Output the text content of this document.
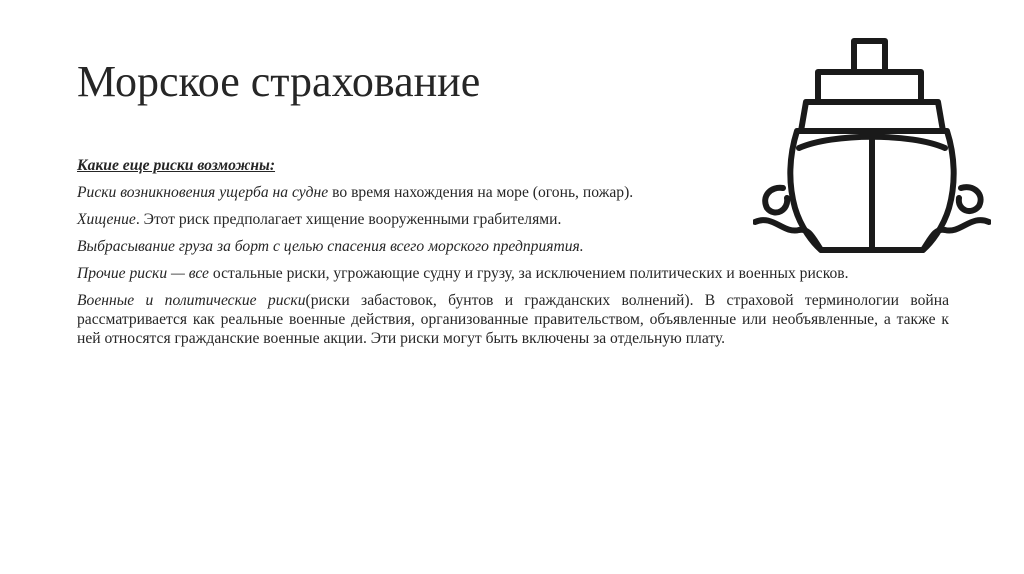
Морское страхование

Какие еще риски возможны:

Риски возникновения ущерба на судне во время нахождения на море (огонь, пожар).

Хищение. Этот риск предполагает хищение вооруженными грабителями.

Выбрасывание груза за борт с целью спасения всего морского предприятия.

Прочие риски — все остальные риски, угрожающие судну и грузу, за исключением политических и военных рисков.

Военные и политические риски(риски забастовок, бунтов и гражданских волнений). В страховой терминологии война рассматривается как реальные военные действия, организованные правительством, объявленные или необъявленные, а также к ней относятся гражданские военные акции. Эти риски могут быть включены за отдельную плату.
